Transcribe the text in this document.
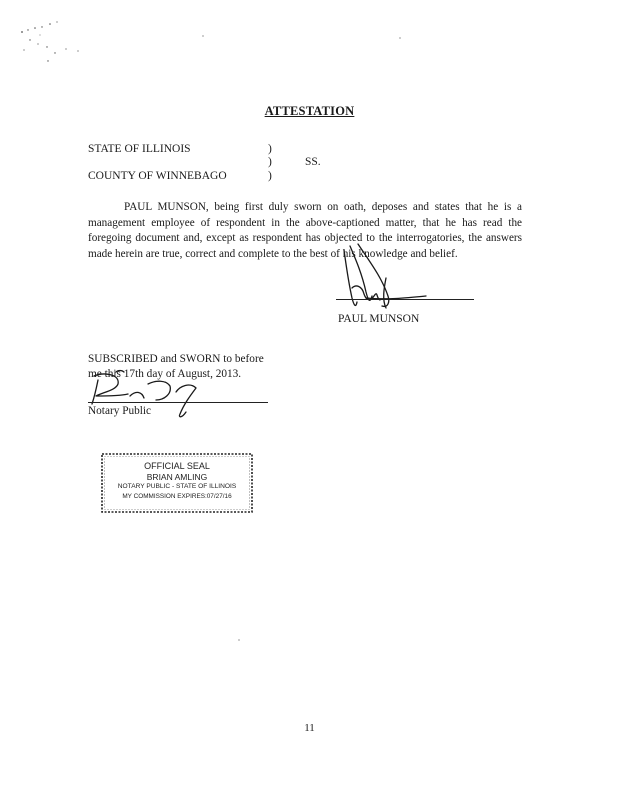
ATTESTATION
STATE OF ILLINOIS
COUNTY OF WINNEBAGO
)
)
)
SS.
PAUL MUNSON, being first duly sworn on oath, deposes and states that he is a management employee of respondent in the above-captioned matter, that he has read the foregoing document and, except as respondent has objected to the interrogatories, the answers made herein are true, correct and complete to the best of his knowledge and belief.
PAUL MUNSON
SUBSCRIBED and SWORN to before
me this 17th day of August, 2013.
Notary Public
OFFICIAL SEAL
BRIAN AMLING
NOTARY PUBLIC - STATE OF ILLINOIS
MY COMMISSION EXPIRES:07/27/16
11
